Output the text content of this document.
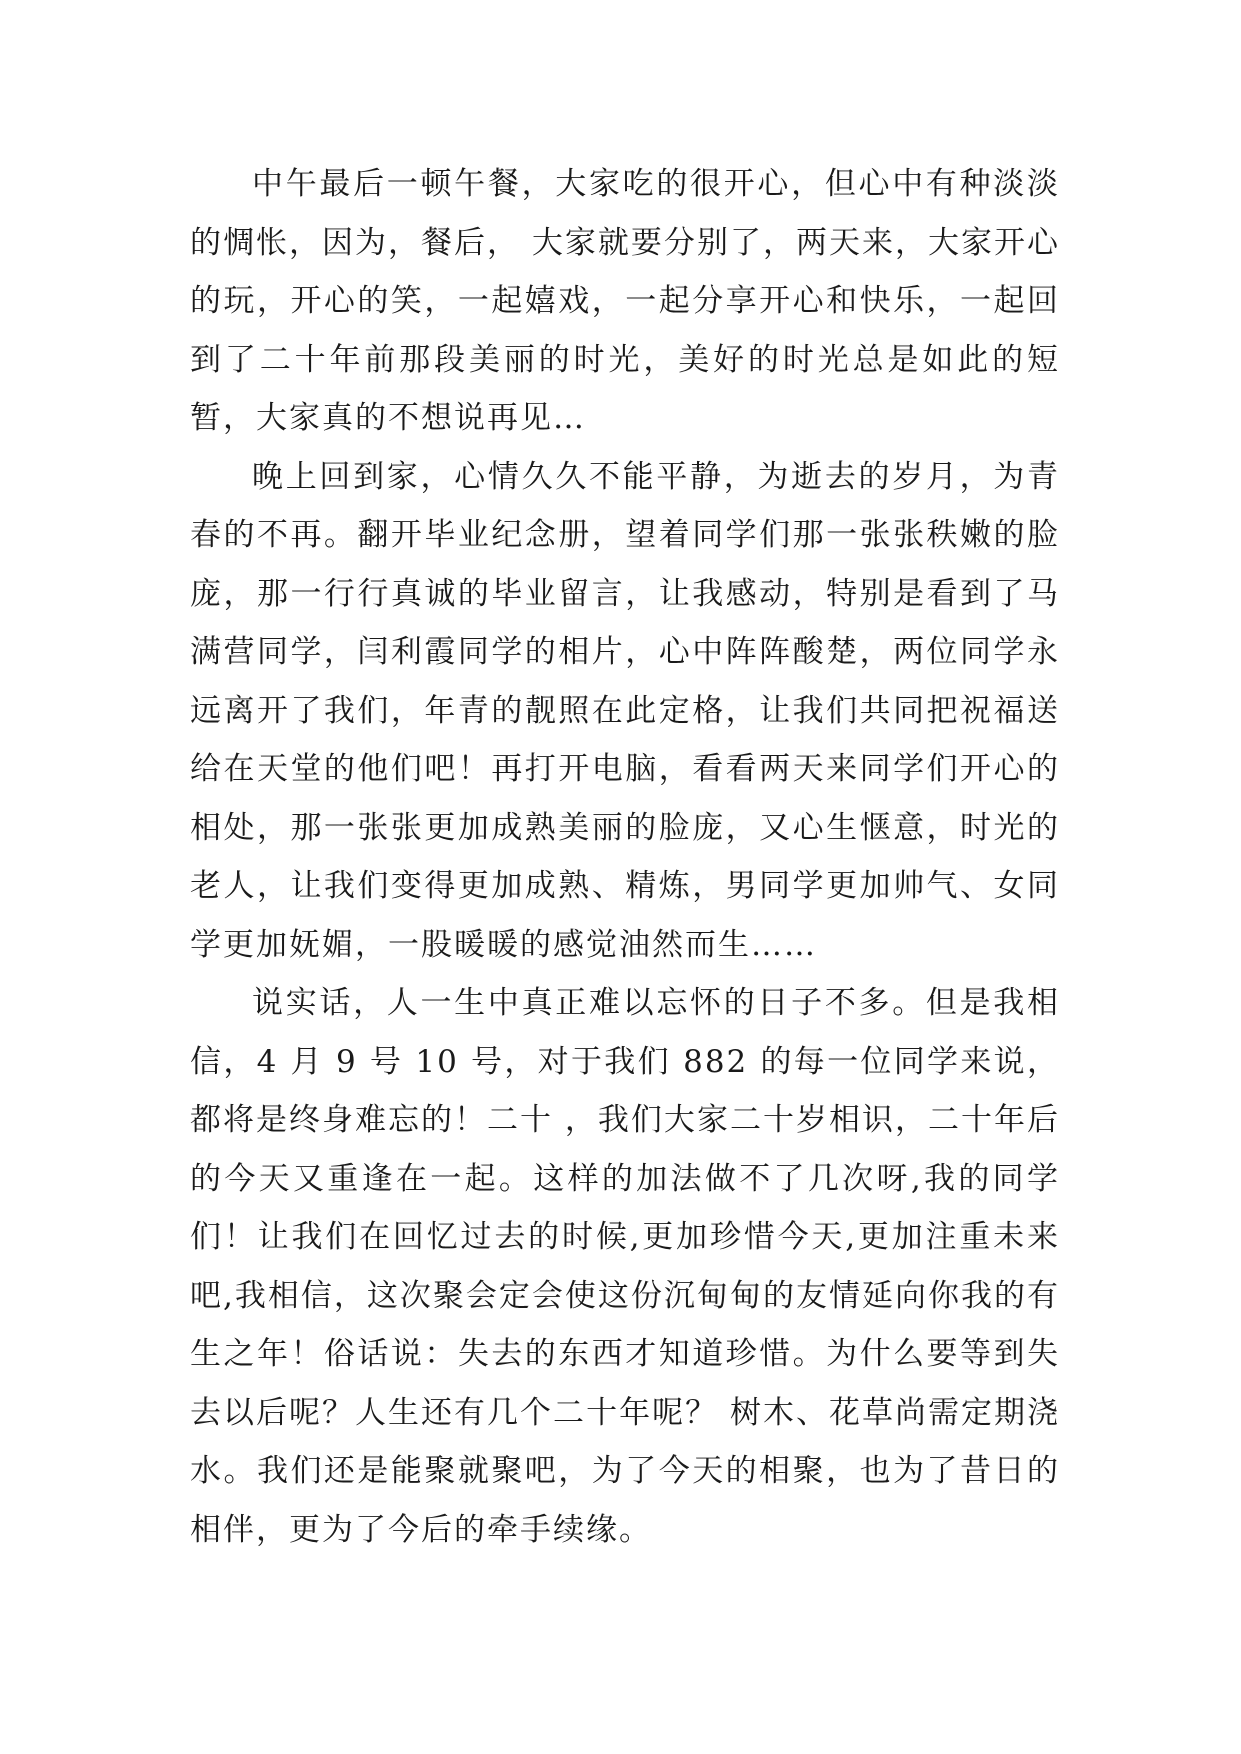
中午最后一顿午餐，大家吃的很开心，但心中有种淡淡的惆怅，因为，餐后， 大家就要分别了，两天来，大家开心的玩，开心的笑，一起嬉戏，一起分享开心和快乐，一起回到了二十年前那段美丽的时光，美好的时光总是如此的短暂，大家真的不想说再见…

晚上回到家，心情久久不能平静，为逝去的岁月，为青春的不再。翻开毕业纪念册，望着同学们那一张张秩嫩的脸庞，那一行行真诚的毕业留言，让我感动，特别是看到了马满营同学，闫利霞同学的相片，心中阵阵酸楚，两位同学永远离开了我们，年青的靓照在此定格，让我们共同把祝福送给在天堂的他们吧！再打开电脑，看看两天来同学们开心的相处，那一张张更加成熟美丽的脸庞，又心生惬意，时光的老人，让我们变得更加成熟、精炼，男同学更加帅气、女同学更加妩媚，一股暖暖的感觉油然而生……

说实话，人一生中真正难以忘怀的日子不多。但是我相信，4 月 9 号 10 号，对于我们 882 的每一位同学来说，都将是终身难忘的！二十 ，我们大家二十岁相识，二十年后的今天又重逢在一起。这样的加法做不了几次呀,我的同学们！让我们在回忆过去的时候,更加珍惜今天,更加注重未来吧,我相信，这次聚会定会使这份沉甸甸的友情延向你我的有生之年！俗话说：失去的东西才知道珍惜。为什么要等到失去以后呢？人生还有几个二十年呢？ 树木、花草尚需定期浇水。我们还是能聚就聚吧，为了今天的相聚，也为了昔日的相伴，更为了今后的牵手续缘。
